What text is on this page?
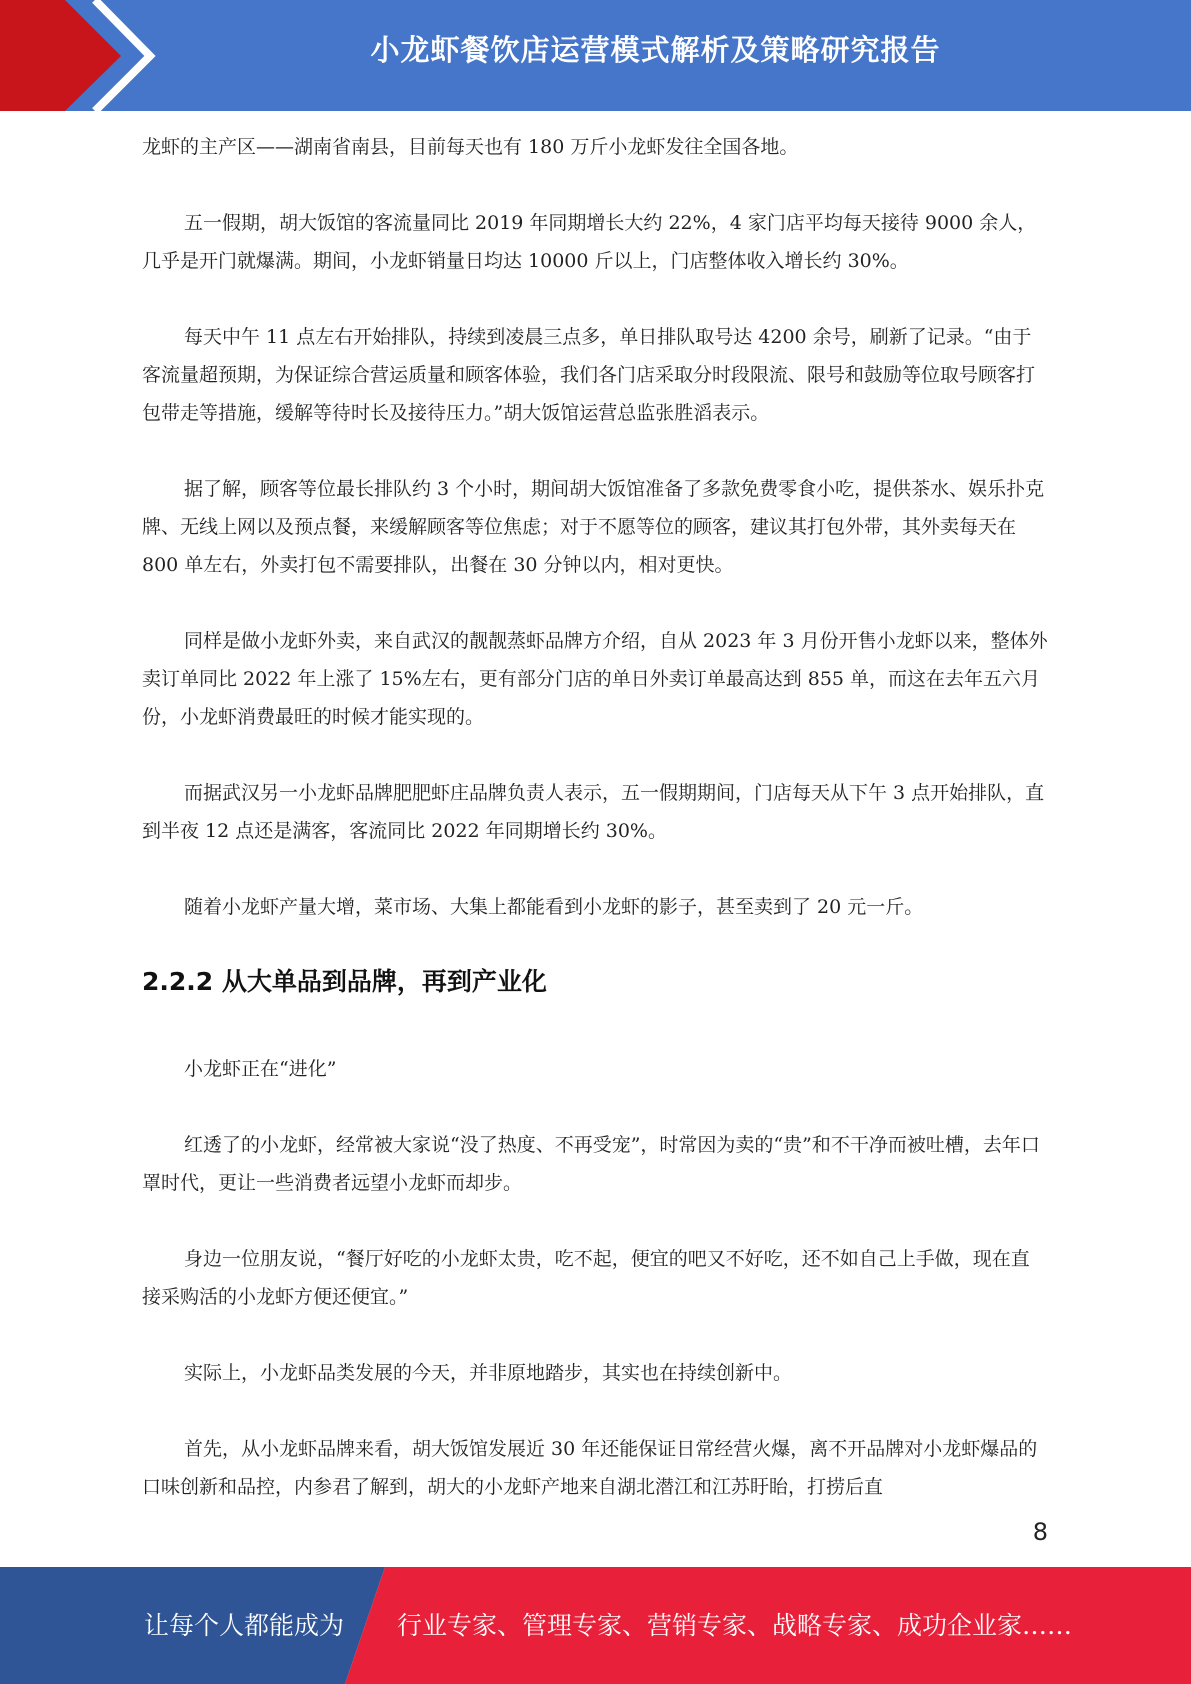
小龙虾餐饮店运营模式解析及策略研究报告

龙虾的主产区——湖南省南县，目前每天也有 180 万斤小龙虾发往全国各地。

五一假期，胡大饭馆的客流量同比 2019 年同期增长大约 22%，4 家门店平均每天接待 9000 余人，几乎是开门就爆满。期间，小龙虾销量日均达 10000 斤以上，门店整体收入增长约 30%。

每天中午 11 点左右开始排队，持续到凌晨三点多，单日排队取号达 4200 余号，刷新了记录。“由于客流量超预期，为保证综合营运质量和顾客体验，我们各门店采取分时段限流、限号和鼓励等位取号顾客打包带走等措施，缓解等待时长及接待压力。”胡大饭馆运营总监张胜滔表示。

据了解，顾客等位最长排队约 3 个小时，期间胡大饭馆准备了多款免费零食小吃，提供茶水、娱乐扑克牌、无线上网以及预点餐，来缓解顾客等位焦虑；对于不愿等位的顾客，建议其打包外带，其外卖每天在 800 单左右，外卖打包不需要排队，出餐在 30 分钟以内，相对更快。

同样是做小龙虾外卖，来自武汉的靓靓蒸虾品牌方介绍，自从 2023 年 3 月份开售小龙虾以来，整体外卖订单同比 2022 年上涨了 15%左右，更有部分门店的单日外卖订单最高达到 855 单，而这在去年五六月份，小龙虾消费最旺的时候才能实现的。

而据武汉另一小龙虾品牌肥肥虾庄品牌负责人表示，五一假期期间，门店每天从下午 3 点开始排队，直到半夜 12 点还是满客，客流同比 2022 年同期增长约 30%。

随着小龙虾产量大增，菜市场、大集上都能看到小龙虾的影子，甚至卖到了 20 元一斤。

2.2.2 从大单品到品牌，再到产业化

小龙虾正在“进化”

红透了的小龙虾，经常被大家说“没了热度、不再受宠”，时常因为卖的“贵”和不干净而被吐槽，去年口罩时代，更让一些消费者远望小龙虾而却步。

身边一位朋友说，“餐厅好吃的小龙虾太贵，吃不起，便宜的吧又不好吃，还不如自己上手做，现在直接采购活的小龙虾方便还便宜。”

实际上，小龙虾品类发展的今天，并非原地踏步，其实也在持续创新中。

首先，从小龙虾品牌来看，胡大饭馆发展近 30 年还能保证日常经营火爆，离不开品牌对小龙虾爆品的口味创新和品控，内参君了解到，胡大的小龙虾产地来自湖北潜江和江苏盱眙，打捞后直

8
让每个人都能成为 行业专家、管理专家、营销专家、战略专家、成功企业家……
